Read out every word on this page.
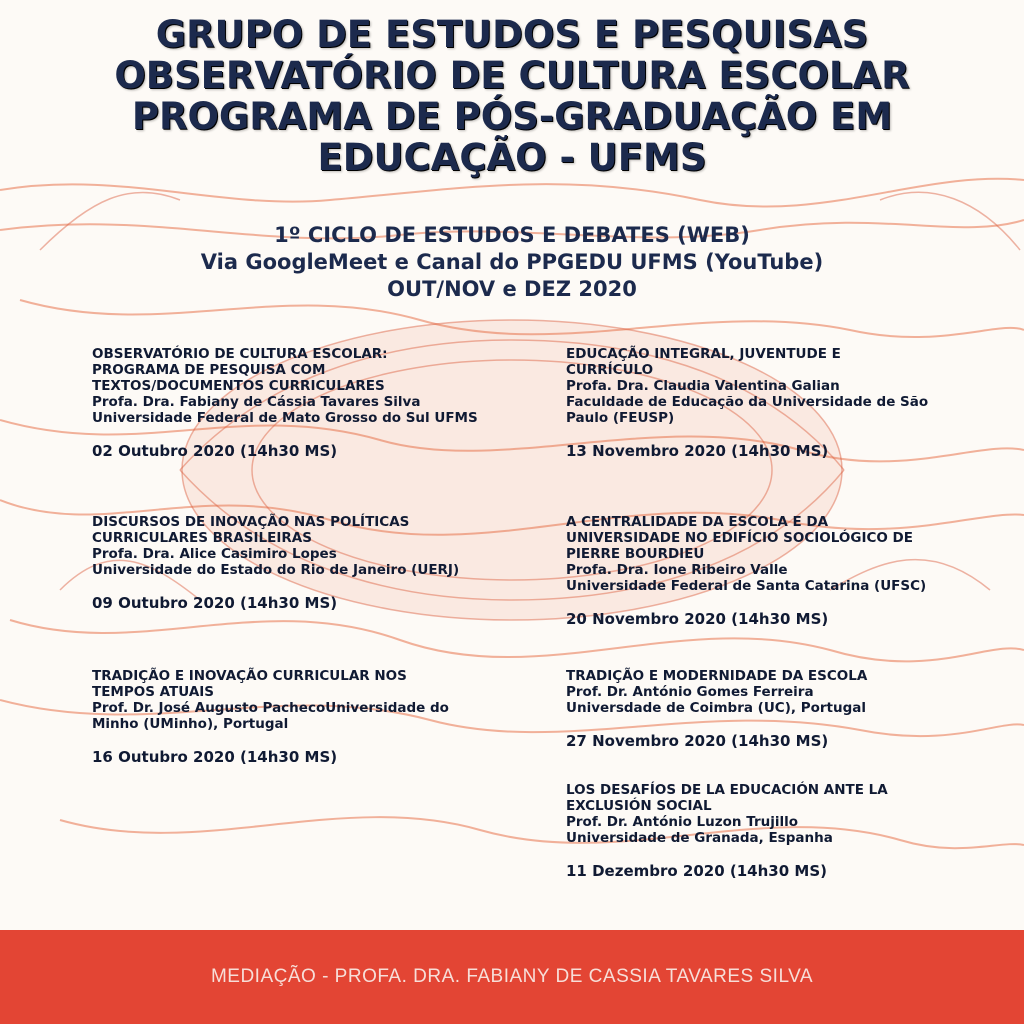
GRUPO DE ESTUDOS E PESQUISAS
OBSERVATÓRIO DE CULTURA ESCOLAR
PROGRAMA DE PÓS-GRADUAÇÃO EM
EDUCAÇÃO - UFMS
1º CICLO DE ESTUDOS E DEBATES (WEB)
Via GoogleMeet e Canal do PPGEDU UFMS (YouTube)
OUT/NOV e DEZ 2020
OBSERVATÓRIO DE CULTURA ESCOLAR:
PROGRAMA DE PESQUISA COM
TEXTOS/DOCUMENTOS CURRICULARES
Profa. Dra. Fabiany de Cássia Tavares Silva
Universidade Federal de Mato Grosso do Sul UFMS
02 Outubro 2020 (14h30 MS)
DISCURSOS DE INOVAÇÃO NAS POLÍTICAS
CURRICULARES BRASILEIRAS
Profa. Dra. Alice Casimiro Lopes
Universidade do Estado do Rio de Janeiro (UERJ)
09 Outubro 2020 (14h30 MS)
TRADIÇÃO E INOVAÇÃO CURRICULAR NOS
TEMPOS ATUAIS
Prof. Dr. José Augusto PachecoUniversidade do
Minho (UMinho), Portugal
16 Outubro 2020 (14h30 MS)
EDUCAÇÃO INTEGRAL, JUVENTUDE E
CURRÍCULO
Profa. Dra. Claudia Valentina Galian
Faculdade de Educação da Universidade de São
Paulo (FEUSP)
13 Novembro 2020 (14h30 MS)
A CENTRALIDADE DA ESCOLA E DA
UNIVERSIDADE NO EDIFÍCIO SOCIOLÓGICO DE
PIERRE BOURDIEU
Profa. Dra. Ione Ribeiro Valle
Universidade Federal de Santa Catarina (UFSC)
20 Novembro 2020 (14h30 MS)
TRADIÇÃO E MODERNIDADE DA ESCOLA
Prof. Dr. António Gomes Ferreira
Universdade de Coimbra (UC), Portugal
27 Novembro 2020 (14h30 MS)
LOS DESAFÍOS DE LA EDUCACIÓN ANTE LA
EXCLUSIÓN SOCIAL
Prof. Dr. António Luzon Trujillo
Universidade de Granada, Espanha
11 Dezembro 2020 (14h30 MS)
MEDIAÇÃO - PROFA. DRA. FABIANY DE CASSIA TAVARES SILVA
